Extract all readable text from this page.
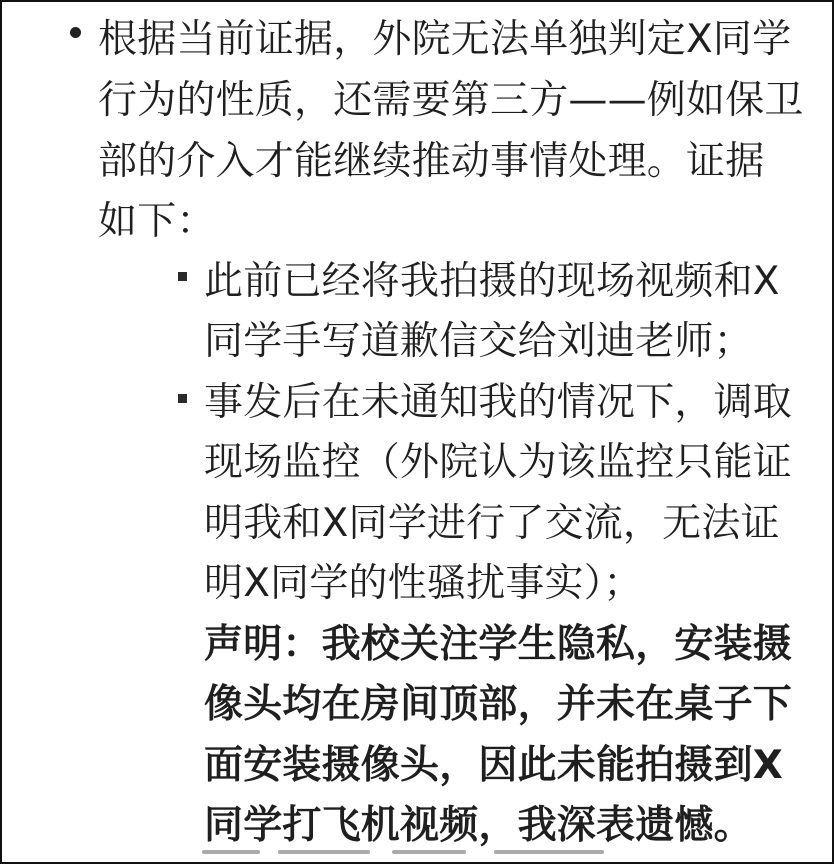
根据当前证据，外院无法单独判定X同学
行为的性质，还需要第三方——例如保卫
部的介入才能继续推动事情处理。证据
如下：
此前已经将我拍摄的现场视频和X
同学手写道歉信交给刘迪老师；
事发后在未通知我的情况下，调取
现场监控（外院认为该监控只能证
明我和X同学进行了交流，无法证
明X同学的性骚扰事实）；
声明：我校关注学生隐私，安装摄
像头均在房间顶部，并未在桌子下
面安装摄像头，因此未能拍摄到X
同学打飞机视频，我深表遗憾。
